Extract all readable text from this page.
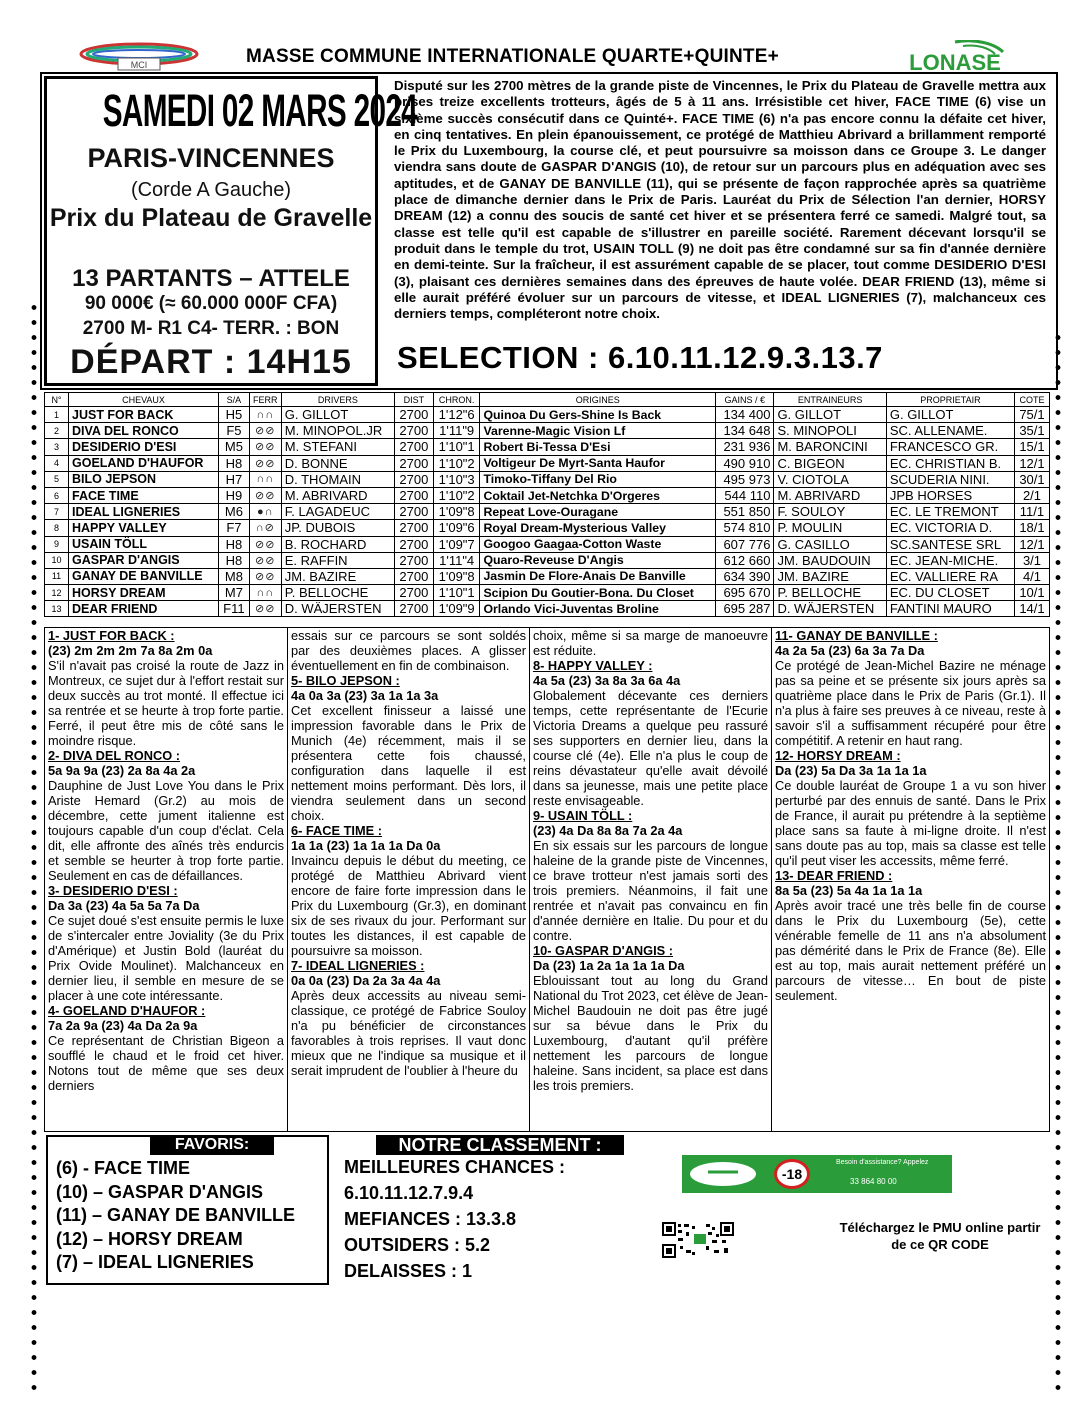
MCI	MASSE COMMUNE INTERNATIONALE QUARTE+QUINTE+	LONASE
SAMEDI 02 MARS 2024
PARIS-VINCENNES
(Corde A Gauche)
Prix du Plateau de Gravelle
13 PARTANTS – ATTELE
90 000€ (≈ 60.000 000F CFA)
2700 M- R1 C4- TERR. : BON
DÉPART : 14H15
Disputé sur les 2700 mètres de la grande piste de Vincennes, le Prix du Plateau de Gravelle mettra aux prises treize excellents trotteurs, âgés de 5 à 11 ans. Irrésistible cet hiver, FACE TIME (6) vise un sixième succès consécutif dans ce Quinté+. FACE TIME (6) n'a pas encore connu la défaite cet hiver, en cinq tentatives. En plein épanouissement, ce protégé de Matthieu Abrivard a brillamment remporté le Prix du Luxembourg, la course clé, et peut poursuivre sa moisson dans ce Groupe 3. Le danger viendra sans doute de GASPAR D'ANGIS (10), de retour sur un parcours plus en adéquation avec ses aptitudes, et de GANAY DE BANVILLE (11), qui se présente de façon rapprochée après sa quatrième place de dimanche dernier dans le Prix de Paris. Lauréat du Prix de Sélection l'an dernier, HORSY DREAM (12) a connu des soucis de santé cet hiver et se présentera ferré ce samedi. Malgré tout, sa classe est telle qu'il est capable de s'illustrer en pareille société. Rarement décevant lorsqu'il se produit dans le temple du trot, USAIN TOLL (9) ne doit pas être condamné sur sa fin d'année dernière en demi-teinte. Sur la fraîcheur, il est assurément capable de se placer, tout comme DESIDERIO D'ESI (3), plaisant ces dernières semaines dans des épreuves de haute volée. DEAR FRIEND (13), même si elle aurait préféré évoluer sur un parcours de vitesse, et IDEAL LIGNERIES (7), malchanceux ces derniers temps, compléteront notre choix.
SELECTION : 6.10.11.12.9.3.13.7
N°	CHEVAUX	S/A	FERR	DRIVERS	DIST	CHRON.	ORIGINES	GAINS / €	ENTRAINEURS	PROPRIETAIR	COTE
1	JUST FOR BACK	H5	∩∩	G. GILLOT	2700	1'12"6	Quinoa Du Gers-Shine Is Back	134 400	G. GILLOT	G. GILLOT	75/1
2	DIVA DEL RONCO	F5	⊘⊘	M. MINOPOL.JR	2700	1'11"9	Varenne-Magic Vision Lf	134 648	S. MINOPOLI	SC. ALLENAME.	35/1
3	DESIDERIO D'ESI	M5	⊘⊘	M. STEFANI	2700	1'10"1	Robert Bi-Tessa D'Esi	231 936	M. BARONCINI	FRANCESCO GR.	15/1
4	GOELAND D'HAUFOR	H8	⊘⊘	D. BONNE	2700	1'10"2	Voltigeur De Myrt-Santa Haufor	490 910	C. BIGEON	EC. CHRISTIAN B.	12/1
5	BILO JEPSON	H7	∩∩	D. THOMAIN	2700	1'10"3	Timoko-Tiffany Del Rio	495 973	V. CIOTOLA	SCUDERIA NINI.	30/1
6	FACE TIME	H9	⊘⊘	M. ABRIVARD	2700	1'10"2	Coktail Jet-Netchka D'Orgeres	544 110	M. ABRIVARD	JPB HORSES	2/1
7	IDEAL LIGNERIES	M6	●∩	F. LAGADEUC	2700	1'09"8	Repeat Love-Ouragane	551 850	F. SOULOY	EC. LE TREMONT	11/1
8	HAPPY VALLEY	F7	∩⊘	JP. DUBOIS	2700	1'09"6	Royal Dream-Mysterious Valley	574 810	P. MOULIN	EC. VICTORIA D.	18/1
9	USAIN TÖLL	H8	⊘⊘	B. ROCHARD	2700	1'09"7	Googoo Gaagaa-Cotton Waste	607 776	G. CASILLO	SC.SANTESE SRL	12/1
10	GASPAR D'ANGIS	H8	⊘⊘	E. RAFFIN	2700	1'11"4	Quaro-Reveuse D'Angis	612 660	JM. BAUDOUIN	EC. JEAN-MICHE.	3/1
11	GANAY DE BANVILLE	M8	⊘⊘	JM. BAZIRE	2700	1'09"8	Jasmin De Flore-Anais De Banville	634 390	JM. BAZIRE	EC. VALLIERE RA	4/1
12	HORSY DREAM	M7	∩∩	P. BELLOCHE	2700	1'10"1	Scipion Du Goutier-Bona. Du Closet	695 670	P. BELLOCHE	EC. DU CLOSET	10/1
13	DEAR FRIEND	F11	⊘⊘	D. WÄJERSTEN	2700	1'09"9	Orlando Vici-Juventas Broline	695 287	D. WÄJERSTEN	FANTINI MAURO	14/1
1- JUST FOR BACK :
(23) 2m 2m 2m 7a 8a 2m 0a
S'il n'avait pas croisé la route de Jazz in Montreux, ce sujet dur à l'effort restait sur deux succès au trot monté. Il effectue ici sa rentrée et se heurte à trop forte partie. Ferré, il peut être mis de côté sans le moindre risque.
2- DIVA DEL RONCO :
5a 9a 9a (23) 2a 8a 4a 2a
Dauphine de Just Love You dans le Prix Ariste Hemard (Gr.2) au mois de décembre, cette jument italienne est toujours capable d'un coup d'éclat. Cela dit, elle affronte des aînés très endurcis et semble se heurter à trop forte partie. Seulement en cas de défaillances.
3- DESIDERIO D'ESI :
Da 3a (23) 4a 5a 5a 7a Da
Ce sujet doué s'est ensuite permis le luxe de s'intercaler entre Joviality (3e du Prix d'Amérique) et Justin Bold (lauréat du Prix Ovide Moulinet). Malchanceux en dernier lieu, il semble en mesure de se placer à une cote intéressante.
4- GOELAND D'HAUFOR :
7a 2a 9a (23) 4a Da 2a 9a
Ce représentant de Christian Bigeon a soufflé le chaud et le froid cet hiver. Notons tout de même que ses deux derniers
essais sur ce parcours se sont soldés par des deuxièmes places. A glisser éventuellement en fin de combinaison.
5- BILO JEPSON :
4a 0a 3a (23) 3a 1a 1a 3a
Cet excellent finisseur a laissé une impression favorable dans le Prix de Munich (4e) récemment, mais il se présentera cette fois chaussé, configuration dans laquelle il est nettement moins performant. Dès lors, il viendra seulement dans un second choix.
6- FACE TIME :
1a 1a (23) 1a 1a 1a Da 0a
Invaincu depuis le début du meeting, ce protégé de Matthieu Abrivard vient encore de faire forte impression dans le Prix du Luxembourg (Gr.3), en dominant six de ses rivaux du jour. Performant sur toutes les distances, il est capable de poursuivre sa moisson.
7- IDEAL LIGNERIES :
0a 0a (23) Da 2a 3a 4a 4a
Après deux accessits au niveau semi-classique, ce protégé de Fabrice Souloy n'a pu bénéficier de circonstances favorables à trois reprises. Il vaut donc mieux que ne l'indique sa musique et il serait imprudent de l'oublier à l'heure du
choix, même si sa marge de manoeuvre est réduite.
8- HAPPY VALLEY :
4a 5a (23) 3a 8a 3a 6a 4a
Globalement décevante ces derniers temps, cette représentante de l'Ecurie Victoria Dreams a quelque peu rassuré ses supporters en dernier lieu, dans la course clé (4e). Elle n'a plus le coup de reins dévastateur qu'elle avait dévoilé dans sa jeunesse, mais une petite place reste envisageable.
9- USAIN TÖLL :
(23) 4a Da 8a 8a 7a 2a 4a
En six essais sur les parcours de longue haleine de la grande piste de Vincennes, ce brave trotteur n'est jamais sorti des trois premiers. Néanmoins, il fait une rentrée et n'avait pas convaincu en fin d'année dernière en Italie. Du pour et du contre.
10- GASPAR D'ANGIS :
Da (23) 1a 2a 1a 1a 1a Da
Eblouissant tout au long du Grand National du Trot 2023, cet élève de Jean-Michel Baudouin ne doit pas être jugé sur sa bévue dans le Prix du Luxembourg, d'autant qu'il préfère nettement les parcours de longue haleine. Sans incident, sa place est dans les trois premiers.
11- GANAY DE BANVILLE :
4a 2a 5a (23) 6a 3a 7a Da
Ce protégé de Jean-Michel Bazire ne ménage pas sa peine et se présente six jours après sa quatrième place dans le Prix de Paris (Gr.1). Il n'a plus à faire ses preuves à ce niveau, reste à savoir s'il a suffisamment récupéré pour être compétitif. A retenir en haut rang.
12- HORSY DREAM :
Da (23) 5a Da 3a 1a 1a 1a
Ce double lauréat de Groupe 1 a vu son hiver perturbé par des ennuis de santé. Dans le Prix de France, il aurait pu prétendre à la septième place sans sa faute à mi-ligne droite. Il n'est sans doute pas au top, mais sa classe est telle qu'il peut viser les accessits, même ferré.
13- DEAR FRIEND :
8a 5a (23) 5a 4a 1a 1a 1a
Après avoir tracé une très belle fin de course dans le Prix du Luxembourg (5e), cette vénérable femelle de 11 ans n'a absolument pas démérité dans le Prix de France (8e). Elle est au top, mais aurait nettement préféré un parcours de vitesse… En bout de piste seulement.
FAVORIS:
(6) - FACE TIME
(10) – GASPAR D'ANGIS
(11) – GANAY DE BANVILLE
(12) – HORSY DREAM
(7) – IDEAL LIGNERIES
NOTRE CLASSEMENT :
MEILLEURES CHANCES :
6.10.11.12.7.9.4
MEFIANCES : 13.3.8
OUTSIDERS : 5.2
DELAISSES : 1
-18
Besoin d'assistance? Appelez
33 864 80 00
Téléchargez le PMU online partir de ce QR CODE
